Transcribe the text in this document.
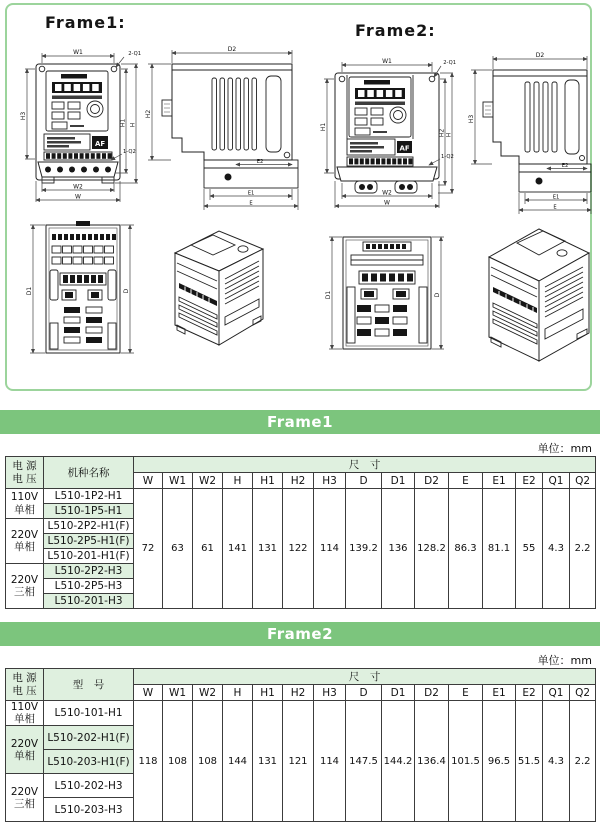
Frame1:	Frame2:
AF
W1	2-Q1
H3
H1 H
W2
W
1-Q2
D2
H2
E2
E1
E
D1	D
AF
W1	2-Q1
H1
H2 H
W2
W
1-Q2
D2
H3
E2
E1
E
D1	D
Frame1
单位：mm
电 源
电 压	机种名称	尺　寸														
		W	W1	W2	H	H1	H2	H3	D	D1	D2	E	E1	E2	Q1	Q2
110V
单相	L510-1P2-H1	72	63	61	141	131	122	114	139.2	136	128.2	86.3	81.1	55	4.3	2.2
	L510-1P5-H1															
220V
单相	L510-2P2-H1(F)															
	L510-2P5-H1(F)															
	L510-201-H1(F)															
220V
三相	L510-2P2-H3															
	L510-2P5-H3															
	L510-201-H3															
Frame2
单位：mm
电 源
电 压	型　号	尺　寸														
		W	W1	W2	H	H1	H2	H3	D	D1	D2	E	E1	E2	Q1	Q2
110V
单相	L510-101-H1	118	108	108	144	131	121	114	147.5	144.2	136.4	101.5	96.5	51.5	4.3	2.2
220V
单相	L510-202-H1(F)															
	L510-203-H1(F)															
220V
三相	L510-202-H3															
	L510-203-H3															
